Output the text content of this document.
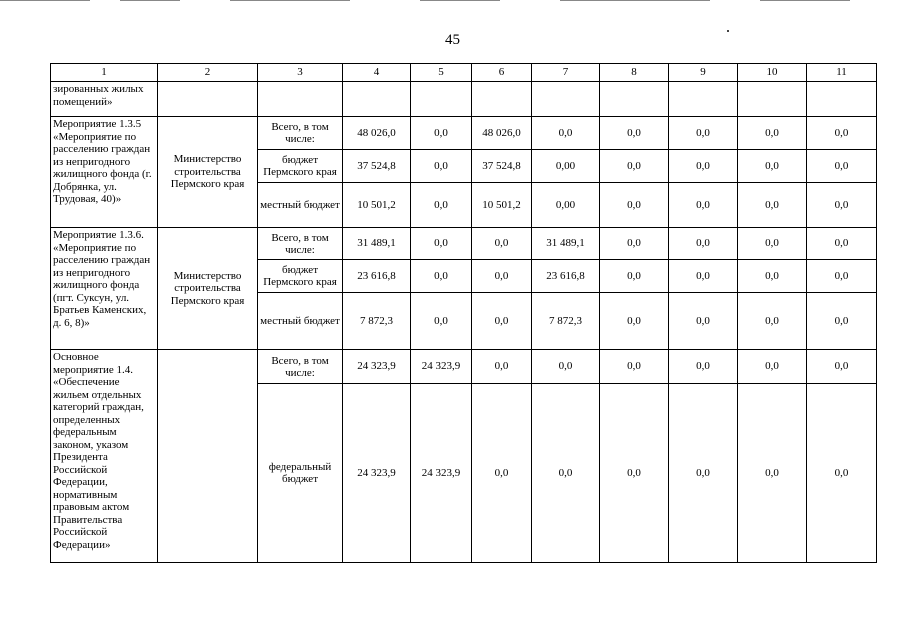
45
1	2	3	4	5	6	7	8	9	10	11
зированных жилых помещений»										
Мероприятие 1.3.5 «Мероприятие по расселению граждан из непригодного жилищного фонда (г. Добрянка, ул. Трудовая, 40)»	Министерство строительства Пермского края	Всего, в том числе:	48 026,0	0,0	48 026,0	0,0	0,0	0,0	0,0	0,0
		бюджет Пермского края	37 524,8	0,0	37 524,8	0,00	0,0	0,0	0,0	0,0
		местный бюджет	10 501,2	0,0	10 501,2	0,00	0,0	0,0	0,0	0,0
Мероприятие 1.3.6. «Мероприятие по расселению граждан из непригодного жилищного фонда (пгт. Суксун, ул. Братьев Каменских, д. 6, 8)»	Министерство строительства Пермского края	Всего, в том числе:	31 489,1	0,0	0,0	31 489,1	0,0	0,0	0,0	0,0
		бюджет Пермского края	23 616,8	0,0	0,0	23 616,8	0,0	0,0	0,0	0,0
		местный бюджет	7 872,3	0,0	0,0	7 872,3	0,0	0,0	0,0	0,0
Основное мероприятие 1.4. «Обеспечение жильем отдельных категорий граждан, определенных федеральным законом, указом Президента Российской Федерации, нормативным правовым актом Правительства Российской Федерации»		Всего, в том числе:	24 323,9	24 323,9	0,0	0,0	0,0	0,0	0,0	0,0
		федеральный бюджет	24 323,9	24 323,9	0,0	0,0	0,0	0,0	0,0	0,0
